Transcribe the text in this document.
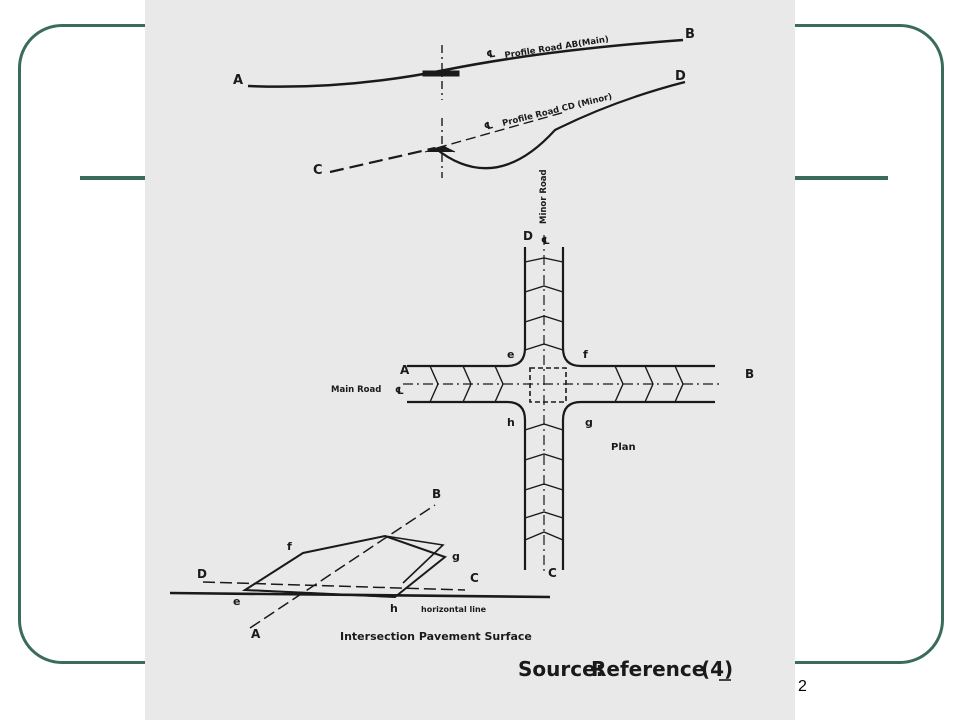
A
B
℄ Profile Road AB(Main)
C
D
℄ Profile Road CD (Minor)
Minor Road
℄
D
A	B
C
Main Road ℄
e	f
g
h
Plan
B
C
D
A
e
f
g
h	horizontal line
Intersection Pavement Surface
Source:
Reference
(4)
2
